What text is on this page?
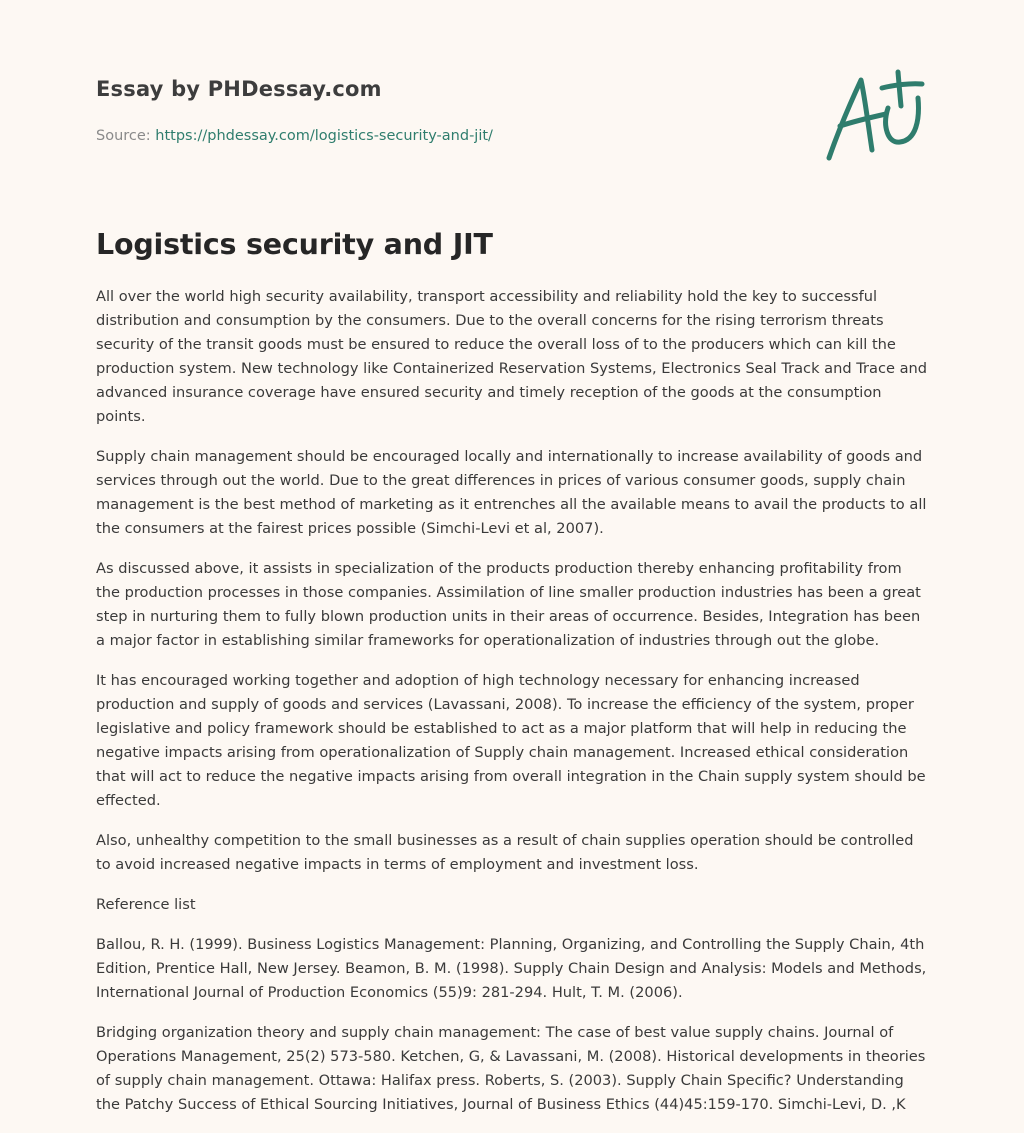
Essay by PHDessay.com
Source: https://phdessay.com/logistics-security-and-jit/
Logistics security and JIT

All over the world high security availability, transport accessibility and reliability hold the key to successful distribution and consumption by the consumers. Due to the overall concerns for the rising terrorism threats security of the transit goods must be ensured to reduce the overall loss of to the producers which can kill the production system. New technology like Containerized Reservation Systems, Electronics Seal Track and Trace and advanced insurance coverage have ensured security and timely reception of the goods at the consumption points.

Supply chain management should be encouraged locally and internationally to increase availability of goods and services through out the world. Due to the great differences in prices of various consumer goods, supply chain management is the best method of marketing as it entrenches all the available means to avail the products to all the consumers at the fairest prices possible (Simchi-Levi et al, 2007).

As discussed above, it assists in specialization of the products production thereby enhancing profitability from the production processes in those companies. Assimilation of line smaller production industries has been a great step in nurturing them to fully blown production units in their areas of occurrence. Besides, Integration has been a major factor in establishing similar frameworks for operationalization of industries through out the globe.

It has encouraged working together and adoption of high technology necessary for enhancing increased production and supply of goods and services (Lavassani, 2008). To increase the efficiency of the system, proper legislative and policy framework should be established to act as a major platform that will help in reducing the negative impacts arising from operationalization of Supply chain management. Increased ethical consideration that will act to reduce the negative impacts arising from overall integration in the Chain supply system should be effected.

Also, unhealthy competition to the small businesses as a result of chain supplies operation should be controlled to avoid increased negative impacts in terms of employment and investment loss.

Reference list

Ballou, R. H. (1999). Business Logistics Management: Planning, Organizing, and Controlling the Supply Chain, 4th Edition, Prentice Hall, New Jersey. Beamon, B. M. (1998). Supply Chain Design and Analysis: Models and Methods, International Journal of Production Economics (55)9: 281-294. Hult, T. M. (2006).

Bridging organization theory and supply chain management: The case of best value supply chains. Journal of Operations Management, 25(2) 573-580. Ketchen, G, & Lavassani, M. (2008). Historical developments in theories of supply chain management. Ottawa: Halifax press. Roberts, S. (2003). Supply Chain Specific? Understanding the Patchy Success of Ethical Sourcing Initiatives, Journal of Business Ethics (44)45:159-170. Simchi-Levi, D. ,K
